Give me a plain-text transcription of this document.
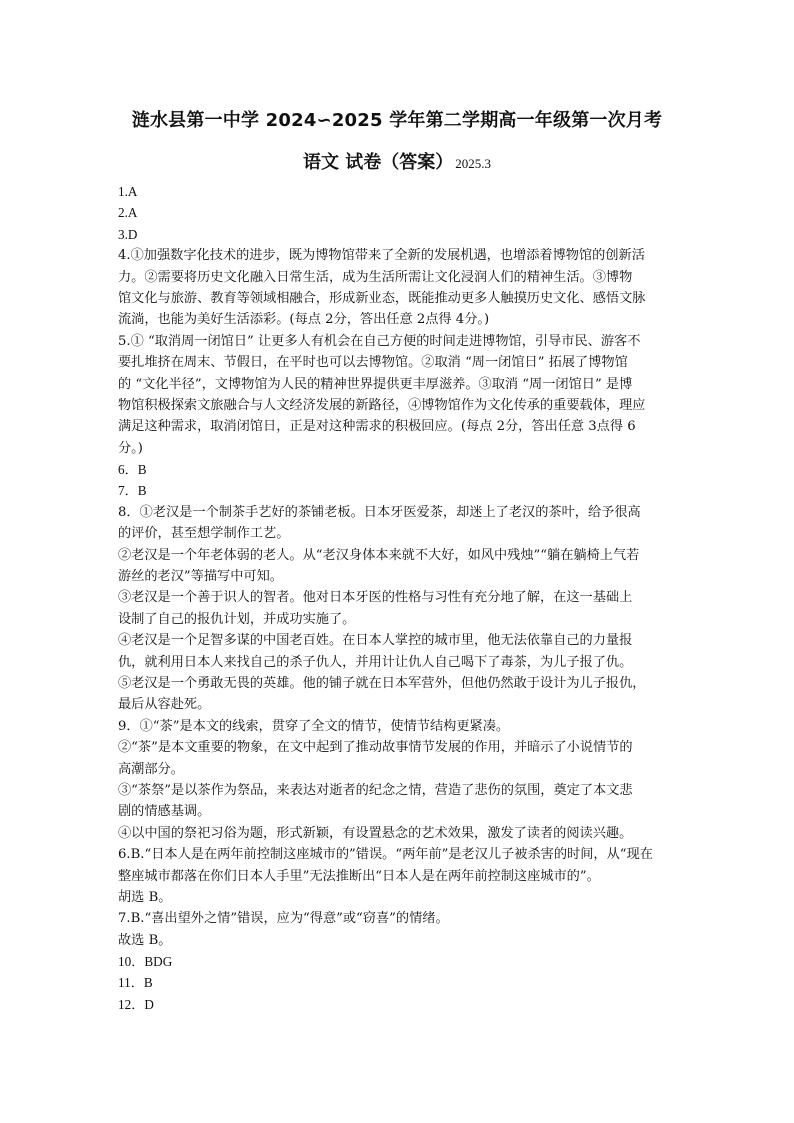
涟水县第一中学 2024∽2025 学年第二学期高一年级第一次月考
语文 试卷（答案） 2025.3
1.A
2.A
3.D
4.①加强数字化技术的进步，既为博物馆带来了全新的发展机遇，也增添着博物馆的创新活
力。②需要将历史文化融入日常生活，成为生活所需让文化浸润人们的精神生活。③博物
馆文化与旅游、教育等领域相融合，形成新业态，既能推动更多人触摸历史文化、感悟文脉
流淌，也能为美好生活添彩。(每点 2分，答出任意 2点得 4分。)
5.① “取消周一闭馆日” 让更多人有机会在自己方便的时间走进博物馆，引导市民、游客不
要扎堆挤在周末、节假日，在平时也可以去博物馆。②取消 “周一闭馆日” 拓展了博物馆
的 “文化半径”，文博物馆为人民的精神世界提供更丰厚滋养。③取消 “周一闭馆日” 是博
物馆积极探索文旅融合与人文经济发展的新路径，④博物馆作为文化传承的重要载体，理应
满足这种需求，取消闭馆日，正是对这种需求的积极回应。(每点 2分，答出任意 3点得 6
分。)
6．B
7．B
8．①老汉是一个制茶手艺好的茶铺老板。日本牙医爱茶，却迷上了老汉的茶叶，给予很高
的评价，甚至想学制作工艺。
②老汉是一个年老体弱的老人。从“老汉身体本来就不大好，如风中残烛”“躺在躺椅上气若
游丝的老汉”等描写中可知。
③老汉是一个善于识人的智者。他对日本牙医的性格与习性有充分地了解，在这一基础上
设制了自己的报仇计划，并成功实施了。
④老汉是一个足智多谋的中国老百姓。在日本人掌控的城市里，他无法依靠自己的力量报
仇，就利用日本人来找自己的杀子仇人，并用计让仇人自己喝下了毒茶，为儿子报了仇。
⑤老汉是一个勇敢无畏的英雄。他的铺子就在日本军营外，但他仍然敢于设计为儿子报仇，
最后从容赴死。
9．①“茶”是本文的线索，贯穿了全文的情节，使情节结构更紧凑。
②“茶”是本文重要的物象，在文中起到了推动故事情节发展的作用，并暗示了小说情节的
高潮部分。
③“茶祭”是以茶作为祭品，来表达对逝者的纪念之情，营造了悲伤的氛围，奠定了本文悲
剧的情感基调。
④以中国的祭祀习俗为题，形式新颖，有设置悬念的艺术效果，激发了读者的阅读兴趣。
6.B.“日本人是在两年前控制这座城市的”错误。“两年前”是老汉儿子被杀害的时间，从“现在
整座城市都落在你们日本人手里”无法推断出“日本人是在两年前控制这座城市的”。
胡选 B。
7.B.“喜出望外之情”错误，应为“得意”或“窃喜”的情绪。
故选 B。
10．BDG
11．B
12．D
